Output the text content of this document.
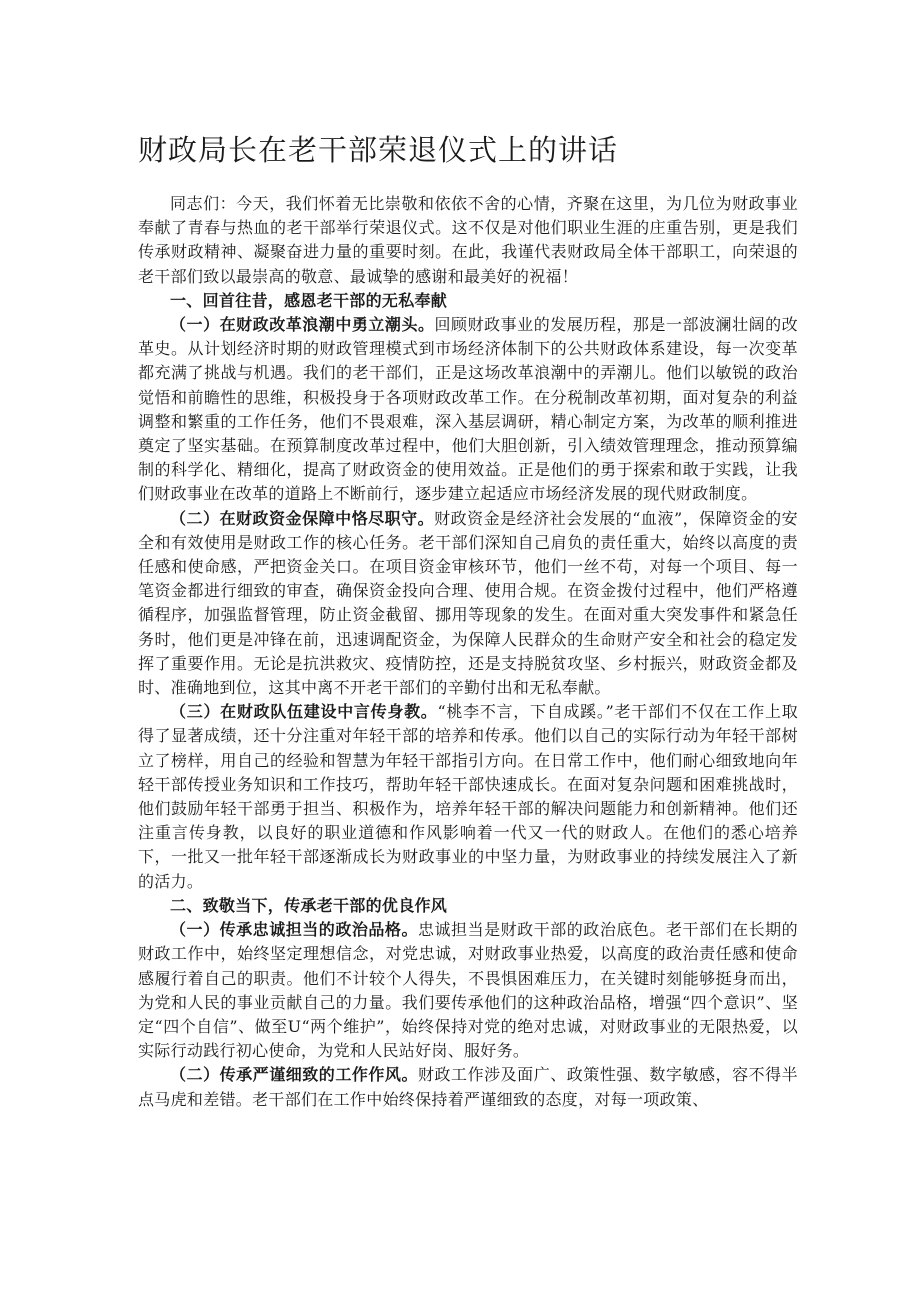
财政局长在老干部荣退仪式上的讲话

同志们：今天，我们怀着无比崇敬和依依不舍的心情，齐聚在这里，为几位为财政事业奉献了青春与热血的老干部举行荣退仪式。这不仅是对他们职业生涯的庄重告别，更是我们传承财政精神、凝聚奋进力量的重要时刻。在此，我谨代表财政局全体干部职工，向荣退的老干部们致以最崇高的敬意、最诚挚的感谢和最美好的祝福！

一、回首往昔，感恩老干部的无私奉献

（一）在财政改革浪潮中勇立潮头。回顾财政事业的发展历程，那是一部波澜壮阔的改革史。从计划经济时期的财政管理模式到市场经济体制下的公共财政体系建设，每一次变革都充满了挑战与机遇。我们的老干部们，正是这场改革浪潮中的弄潮儿。他们以敏锐的政治觉悟和前瞻性的思维，积极投身于各项财政改革工作。在分税制改革初期，面对复杂的利益调整和繁重的工作任务，他们不畏艰难，深入基层调研，精心制定方案，为改革的顺利推进奠定了坚实基础。在预算制度改革过程中，他们大胆创新，引入绩效管理理念，推动预算编制的科学化、精细化，提高了财政资金的使用效益。正是他们的勇于探索和敢于实践，让我们财政事业在改革的道路上不断前行，逐步建立起适应市场经济发展的现代财政制度。

（二）在财政资金保障中恪尽职守。财政资金是经济社会发展的“血液”，保障资金的安全和有效使用是财政工作的核心任务。老干部们深知自己肩负的责任重大，始终以高度的责任感和使命感，严把资金关口。在项目资金审核环节，他们一丝不苟，对每一个项目、每一笔资金都进行细致的审查，确保资金投向合理、使用合规。在资金拨付过程中，他们严格遵循程序，加强监督管理，防止资金截留、挪用等现象的发生。在面对重大突发事件和紧急任务时，他们更是冲锋在前，迅速调配资金，为保障人民群众的生命财产安全和社会的稳定发挥了重要作用。无论是抗洪救灾、疫情防控，还是支持脱贫攻坚、乡村振兴，财政资金都及时、准确地到位，这其中离不开老干部们的辛勤付出和无私奉献。

（三）在财政队伍建设中言传身教。“桃李不言，下自成蹊。”老干部们不仅在工作上取得了显著成绩，还十分注重对年轻干部的培养和传承。他们以自己的实际行动为年轻干部树立了榜样，用自己的经验和智慧为年轻干部指引方向。在日常工作中，他们耐心细致地向年轻干部传授业务知识和工作技巧，帮助年轻干部快速成长。在面对复杂问题和困难挑战时，他们鼓励年轻干部勇于担当、积极作为，培养年轻干部的解决问题能力和创新精神。他们还注重言传身教，以良好的职业道德和作风影响着一代又一代的财政人。在他们的悉心培养下，一批又一批年轻干部逐渐成长为财政事业的中坚力量，为财政事业的持续发展注入了新的活力。

二、致敬当下，传承老干部的优良作风

（一）传承忠诚担当的政治品格。忠诚担当是财政干部的政治底色。老干部们在长期的财政工作中，始终坚定理想信念，对党忠诚，对财政事业热爱，以高度的政治责任感和使命感履行着自己的职责。他们不计较个人得失，不畏惧困难压力，在关键时刻能够挺身而出，为党和人民的事业贡献自己的力量。我们要传承他们的这种政治品格，增强“四个意识”、坚定“四个自信”、做至U“两个维护”，始终保持对党的绝对忠诚，对财政事业的无限热爱，以实际行动践行初心使命，为党和人民站好岗、服好务。

（二）传承严谨细致的工作作风。财政工作涉及面广、政策性强、数字敏感，容不得半点马虎和差错。老干部们在工作中始终保持着严谨细致的态度，对每一项政策、
